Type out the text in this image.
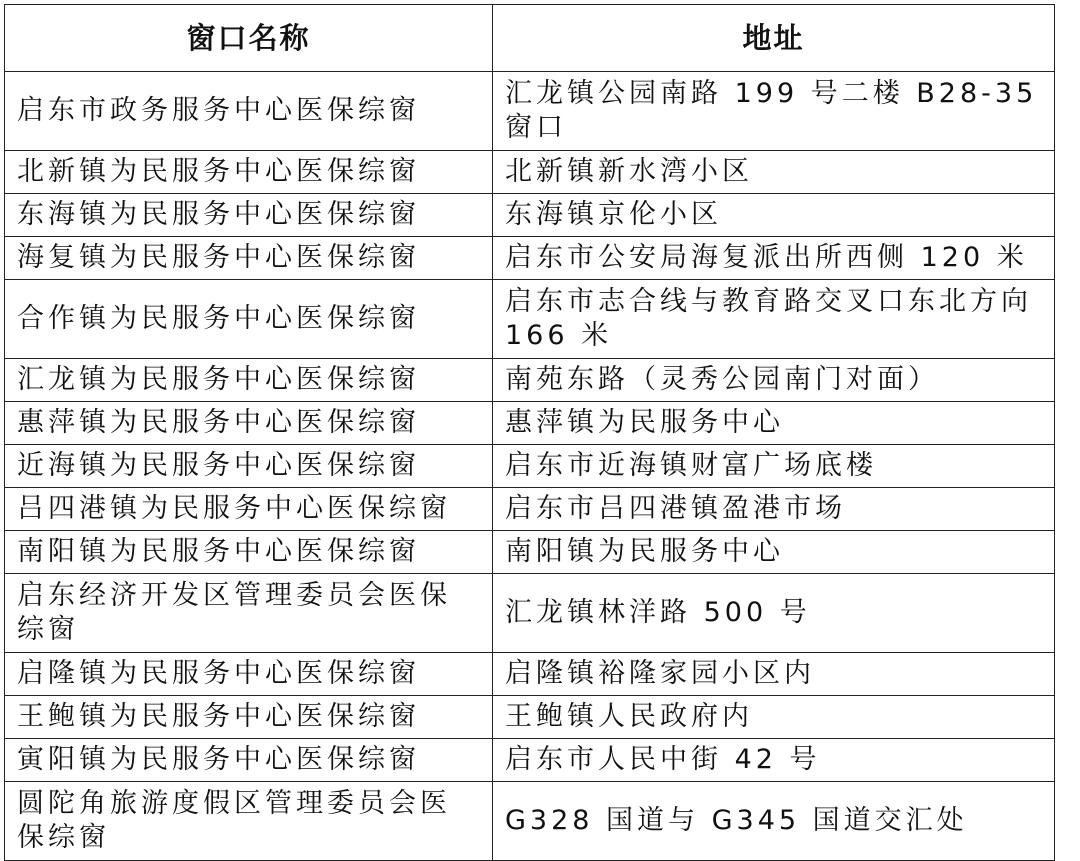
窗口名称	地址
启东市政务服务中心医保综窗	汇龙镇公园南路 199 号二楼 B28-35 窗口
北新镇为民服务中心医保综窗	北新镇新水湾小区
东海镇为民服务中心医保综窗	东海镇京伦小区
海复镇为民服务中心医保综窗	启东市公安局海复派出所西侧 120 米
合作镇为民服务中心医保综窗	启东市志合线与教育路交叉口东北方向 166 米
汇龙镇为民服务中心医保综窗	南苑东路（灵秀公园南门对面）
惠萍镇为民服务中心医保综窗	惠萍镇为民服务中心
近海镇为民服务中心医保综窗	启东市近海镇财富广场底楼
吕四港镇为民服务中心医保综窗	启东市吕四港镇盈港市场
南阳镇为民服务中心医保综窗	南阳镇为民服务中心
启东经济开发区管理委员会医保综窗	汇龙镇林洋路 500 号
启隆镇为民服务中心医保综窗	启隆镇裕隆家园小区内
王鲍镇为民服务中心医保综窗	王鲍镇人民政府内
寅阳镇为民服务中心医保综窗	启东市人民中街 42 号
圆陀角旅游度假区管理委员会医保综窗	G328 国道与 G345 国道交汇处
